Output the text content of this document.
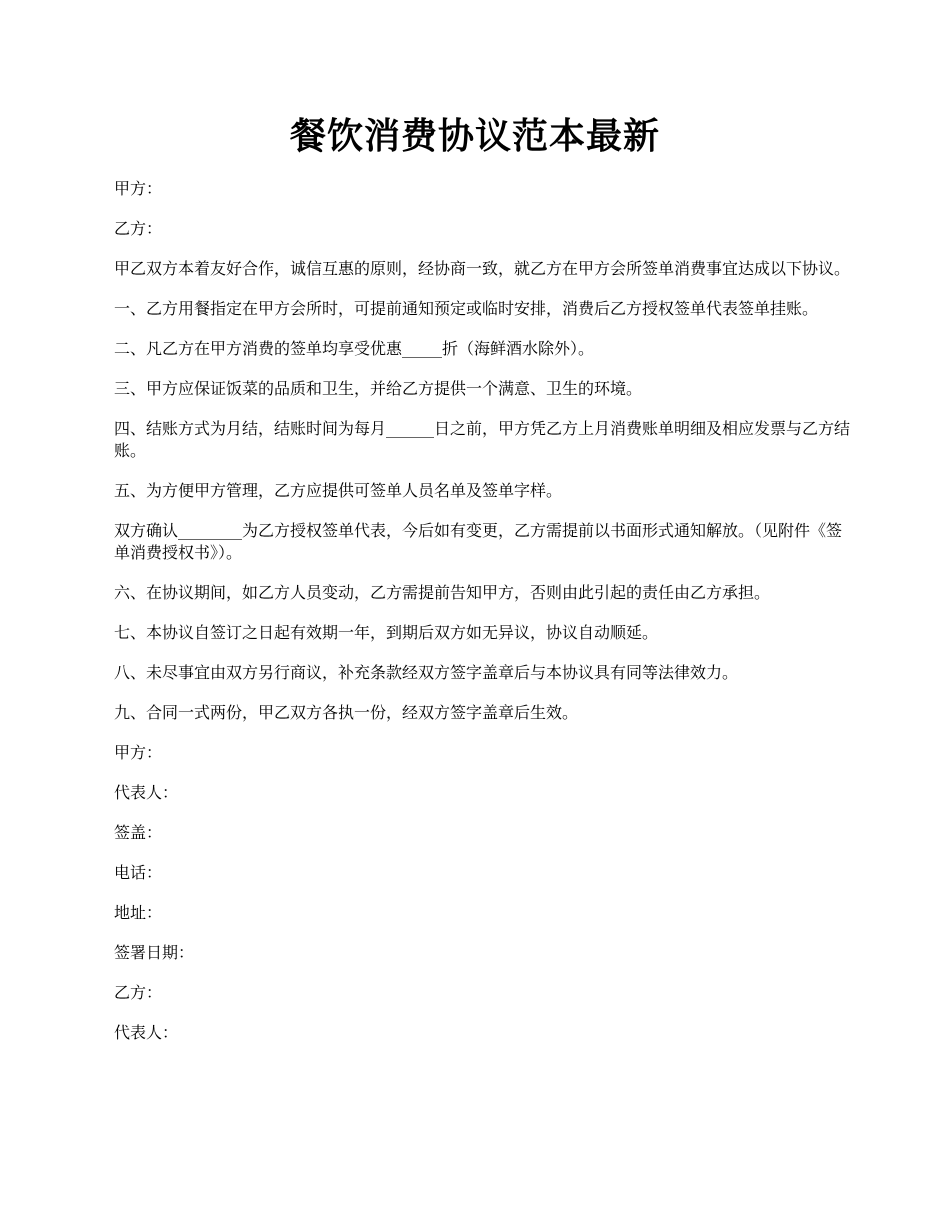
餐饮消费协议范本最新

甲方：

乙方：

甲乙双方本着友好合作，诚信互惠的原则，经协商一致，就乙方在甲方会所签单消费事宜达成以下协议。

一、乙方用餐指定在甲方会所时，可提前通知预定或临时安排，消费后乙方授权签单代表签单挂账。

二、凡乙方在甲方消费的签单均享受优惠_____折（海鲜酒水除外）。

三、甲方应保证饭菜的品质和卫生，并给乙方提供一个满意、卫生的环境。

四、结账方式为月结，结账时间为每月______日之前，甲方凭乙方上月消费账单明细及相应发票与乙方结账。

五、为方便甲方管理，乙方应提供可签单人员名单及签单字样。

双方确认________为乙方授权签单代表，今后如有变更，乙方需提前以书面形式通知解放。（见附件《签单消费授权书》）。

六、在协议期间，如乙方人员变动，乙方需提前告知甲方，否则由此引起的责任由乙方承担。

七、本协议自签订之日起有效期一年，到期后双方如无异议，协议自动顺延。

八、未尽事宜由双方另行商议，补充条款经双方签字盖章后与本协议具有同等法律效力。

九、合同一式两份，甲乙双方各执一份，经双方签字盖章后生效。

甲方：

代表人：

签盖：

电话：

地址：

签署日期：

乙方：

代表人：
